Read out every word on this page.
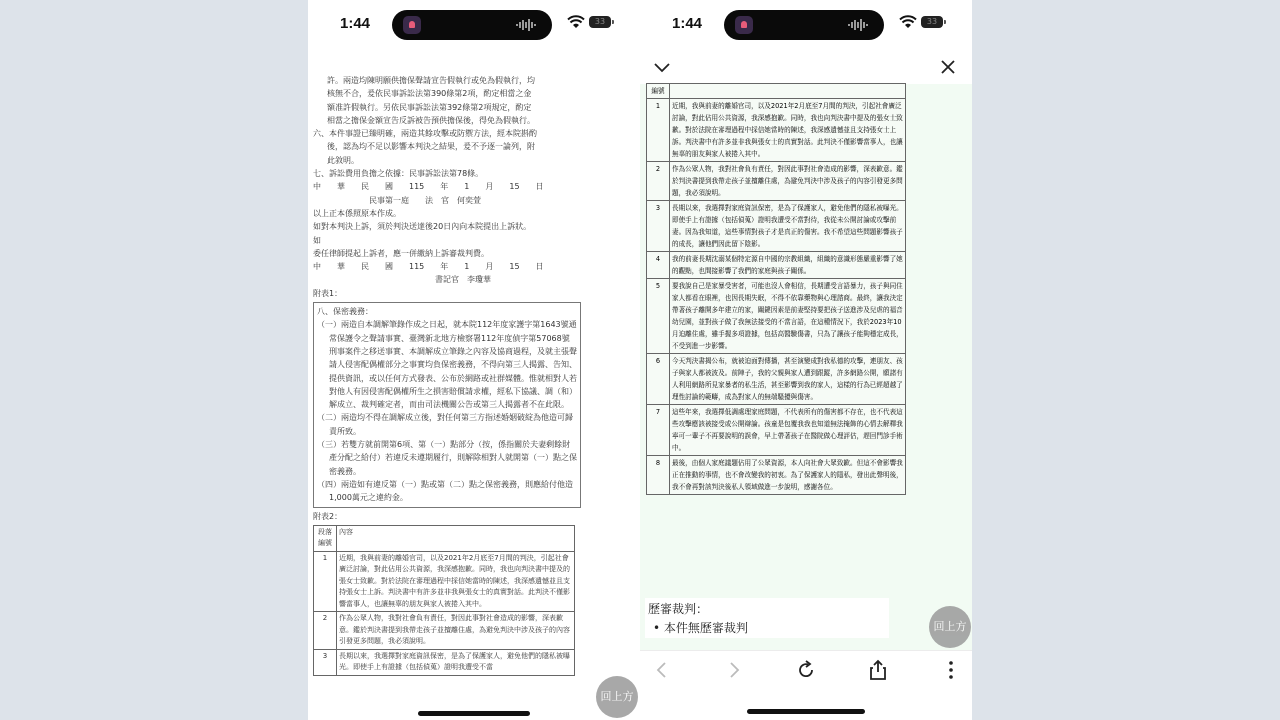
1:44	33

許。兩造均陳明願供擔保聲請宣告假執行或免為假執行，均

核無不合，爰依民事訴訟法第390條第2項，酌定相當之金

額准許假執行。另依民事訴訟法第392條第2項規定，酌定

相當之擔保金額宣告反訴被告預供擔保後，得免為假執行。

六、本件事證已臻明確，兩造其餘攻擊或防禦方法，經本院斟酌

後，認為均不足以影響本判決之結果，爰不予逐一論列，附

此敘明。

七、訴訟費用負擔之依據：民事訴訟法第78條。

中　　華　　民　　國　　115　　年　　1　　月　　15　　日

民事第一庭　　法　官　何奕萱

以上正本係照原本作成。

如對本判決上訴，須於判決送達後20日內向本院提出上訴狀。

如

委任律師提起上訴者，應一併繳納上訴審裁判費。

中　　華　　民　　國　　115　　年　　1　　月　　15　　日

書記官　李瓊華

附表1：

八、保密義務：

（一）兩造自本調解筆錄作成之日起，就本院112年度家護字第1643號通常保護令之聲請事實、臺灣新北地方檢察署112年度偵字第57068號刑事案件之移送事實、本調解成立筆錄之內容及協商過程，及就主張聲請人侵害配偶權部分之事實均負保密義務，不得向第三人揭露、告知、提供資訊，或以任何方式發表、公布於網路或社群媒體。惟就相對人若對他人有因侵害配偶權所生之損害賠償請求權，經私下協議、調（和）解成立、裁判確定者，而由司法機關公告或第三人揭露者不在此限。

（二）兩造均不得在調解成立後，對任何第三方指述婚姻破綻為他造可歸責所致。

（三）若雙方就前開第6項、第（一）點部分（按，係指關於夫妻剩餘財產分配之給付）若違反未遵期履行，則解除相對人就開第（一）點之保密義務。

（四）兩造如有違反第（一）點或第（二）點之保密義務，則應給付他造1,000萬元之違約金。

附表2：

段落編號	內容
1	近期，我與前妻的離婚官司，以及2021年2月底至7月間的判決，引起社會廣泛討論，對此佔用公共資源，我深感抱歉。同時，我也向判決書中提及的張女士致歉。對於法院在審理過程中採信她當時的陳述，我深感遺憾並且支持張女士上訴。判決書中有許多並非我與張女士的真實對話。此判決不僅影響當事人，也讓無辜的朋友與家人被捲入其中。
2	作為公眾人物，我對社會負有責任，對因此事對社會造成的影響，深表歉意。鑑於判決書提到我帶走孩子並擅離住處，為避免判決中涉及孩子的內容引發更多問題，我必須說明。
3	長期以來，我選擇對家庭資訊保密，是為了保護家人，避免他們的隱私被曝光。即使手上有證據（包括偵蒐）證明我遭受不當
回上方
1:44	33
編號	
1	近期，我與前妻的離婚官司，以及2021年2月底至7月間的判決，引起社會廣泛討論，對此佔用公共資源，我深感抱歉。同時，我也向判決書中提及的張女士致歉。對於法院在審理過程中採信她當時的陳述，我深感遺憾並且支持張女士上訴。判決書中有許多並非我與張女士的真實對話。此判決不僅影響當事人，也讓無辜的朋友與家人被捲入其中。
2	作為公眾人物，我對社會負有責任，對因此事對社會造成的影響，深表歉意。鑑於判決書提到我帶走孩子並擅離住處，為避免判決中涉及孩子的內容引發更多問題，我必須說明。
3	長期以來，我選擇對家庭資訊保密，是為了保護家人，避免他們的隱私被曝光。即使手上有證據（包括偵蒐）證明我遭受不當對待，我從未公開討論或攻擊前妻。因為我知道，這些事情對孩子才是真正的傷害。我不希望這些問題影響孩子的成長，讓他們因此留下陰影。
4	我的前妻長期沈溺某個特定源自中國的宗教組織，組織的意識形態嚴重影響了她的觀點，也間接影響了我們的家庭與孩子關係。
5	要我說自己是家暴受害者，可能也沒人會相信，長期遭受言語暴力，孩子與同住家人都看在眼裡，也因長期失眠，不得不依靠藥物與心理諮商。最終，讓我決定帶著孩子離開多年建立的家，關鍵因素是前妻堅持要把孩子送進涉及兒虐的福音幼兒園，並對孩子做了我無法接受的不當言語，在這種情況下，我於2023年10月迫離住處，雖手握多項證據，包括高醫驗傷書，只為了讓孩子能夠穩定成長，不受到進一步影響。
6	今天判決書揭公布，就被迫面對傳播，甚至演變成對我私德的攻擊，連朋友、孩子與家人都被波及。前陣子，我的父親與家人遭到跟蹤，許多網路公開，願諸有人利用網路所見家暴者的私生活，甚至影響到我的家人，這樣的行為已經超越了理性討論的範疇，成為對家人的無端騷擾與傷害。
7	這些年來，我選擇低調處理家庭問題，不代表所有的傷害都不存在，也不代表這些攻擊應該被接受或公開辯論。孩童是包覆我我也知道無法掩飾的心情去解釋我寧可一輩子不再要說明的誤會，早上帶著孩子在醫院做心理評估，趕回門診手術中。
8	最後，由個人家庭議題佔用了公眾資源，本人向社會大眾致歉。但這不會影響我正在推動的事情，也不會改變我的初衷。為了保護家人的隱私，發出此聲明後，我不會再對該判決後私人領域做進一步說明，感謝各位。
歷審裁判：
• 本件無歷審裁判	回上方
